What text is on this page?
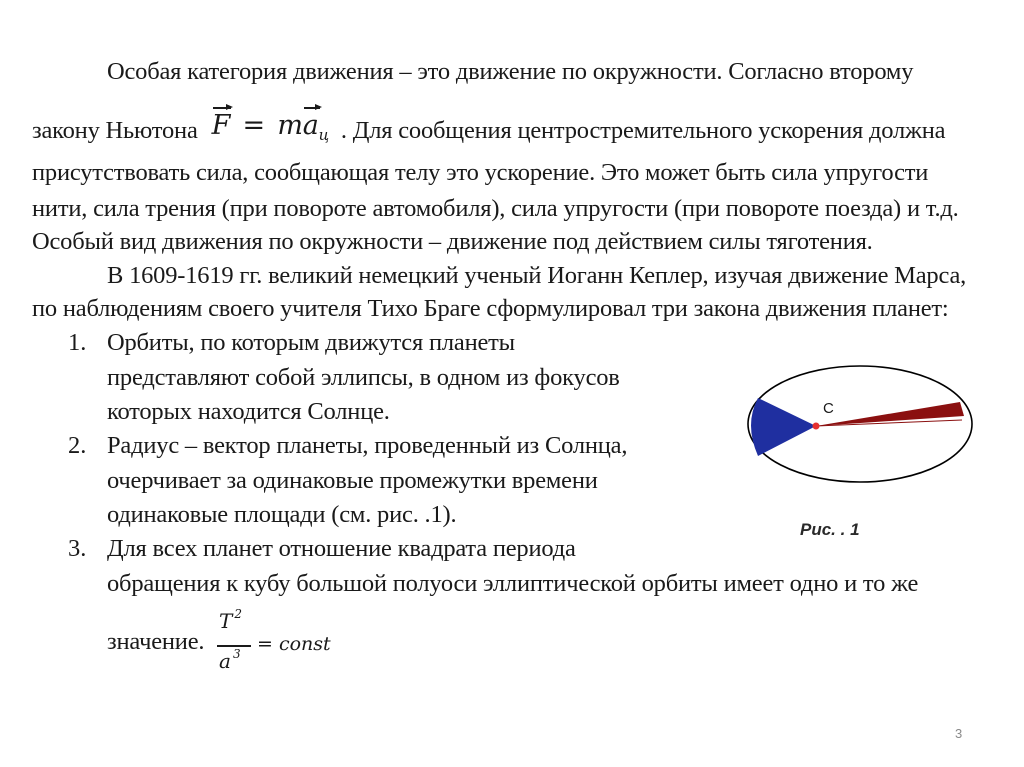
Особая категория движения – это движение по окружности. Согласно второму
закону Ньютона $F = ma_ц$ . Для сообщения центростремительного ускорения должна
присутствовать сила, сообщающая телу это ускорение. Это может быть сила упругости
нити, сила трения (при повороте автомобиля), сила упругости (при повороте поезда) и т.д.
Особый вид движения по окружности – движение под действием силы тяготения.
В 1609-1619 гг. великий немецкий ученый Иоганн Кеплер, изучая движение Марса,
по наблюдениям своего учителя Тихо Браге сформулировал три закона движения планет:
1. Орбиты, по которым движутся планеты
представляют собой эллипсы, в одном из фокусов
которых находится Солнце.
2. Радиус – вектор планеты, проведенный из Солнца,
очерчивает за одинаковые промежутки времени
одинаковые площади (см. рис. .1).
3. Для всех планет отношение квадрата периода
обращения к кубу большой полуоси эллиптической орбиты имеет одно и то же
значение.
T $^2$
a $^3$ = const
C
Рис. . 1
3
